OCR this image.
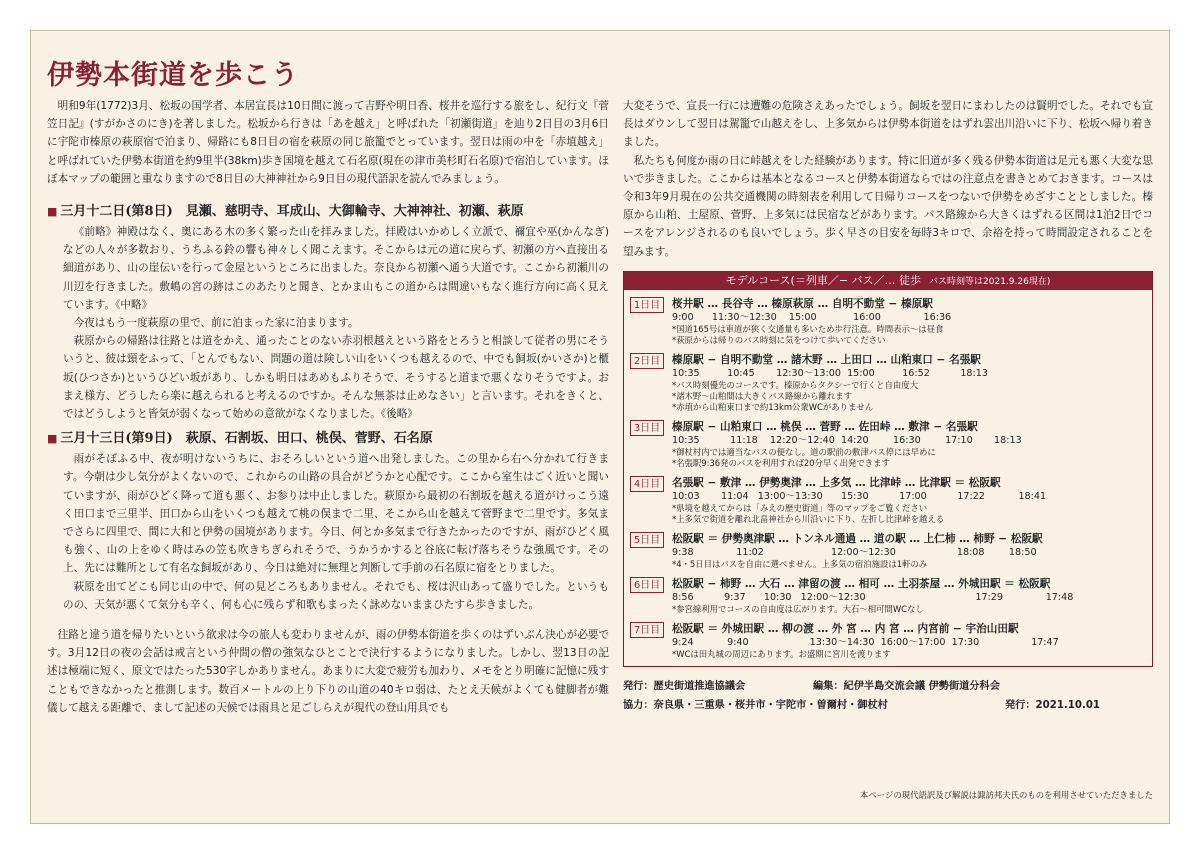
伊勢本街道を歩こう

明和9年(1772)3月、松坂の国学者、本居宣長は10日間に渡って吉野や明日香、桜井を巡行する旅をし、紀行文『菅笠日記』(すがかさのにき)を著しました。松坂から行きは「あを越え」と呼ばれた「初瀬街道」を辿り2日目の3月6日に宇陀市榛原の萩原宿で泊まり、帰路にも8日目の宿を萩原の同じ旅籠でとっています。翌日は雨の中を「赤埴越え」と呼ばれていた伊勢本街道を約9里半(38km)歩き国境を越えて石名原(現在の津市美杉町石名原)で宿泊しています。ほぼ本マップの範囲と重なりますので8日目の大神神社から9日目の現代語訳を読んでみましょう。

■ 三月十二日(第8日)　見瀬、慈明寺、耳成山、大御輪寺、大神神社、初瀬、萩原

《前略》神殿はなく、奥にある木の多く繁った山を拝みました。拝殿はいかめしく立派で、禰宜や巫(かんなぎ)などの人々が多数おり、うちふる鈴の響も神々しく聞こえます。そこからは元の道に戻らず、初瀬の方へ直接出る細道があり、山の崖伝いを行って金屋というところに出ました。奈良から初瀬へ通う大道です。ここから初瀬川の川辺を行きました。敷嶋の宮の跡はこのあたりと聞き、とかま山もこの道からは間違いもなく進行方向に高く見えています。《中略》

今夜はもう一度萩原の里で、前に泊まった家に泊まります。

萩原からの帰路は往路とは道をかえ、通ったことのない赤羽根越えという路をとろうと相談して従者の男にそういうと、彼は頸をふって、「とんでもない、問題の道は険しい山をいくつも越えるので、中でも飼坂(かいさか)と櫃坂(ひつさか)というひどい坂があり、しかも明日はあめもふりそうで、そうすると道まで悪くなりそうですよ。おまえ様方、どうしたら楽に越えられると考えるのですか。そんな無茶は止めなさい」と言います。それをきくと、ではどうしようと皆気が弱くなって始めの意欲がなくなりました。《後略》

■ 三月十三日(第9日)　萩原、石割坂、田口、桃俣、菅野、石名原

雨がそぼふる中、夜が明けないうちに、おそろしいという道へ出発しました。この里から右へ分かれて行きます。今朝は少し気分がよくないので、これからの山路の具合がどうかと心配です。ここから室生はごく近いと聞いていますが、雨がひどく降って道も悪く、お参りは中止しました。萩原から最初の石割坂を越える道がけっこう遠く田口まで三里半、田口から山をいくつも越えて桃の俣まで二里、そこから山を越えて菅野まで二里です。多気までさらに四里で、間に大和と伊勢の国境があります。今日、何とか多気まで行きたかったのですが、雨がひどく風も強く、山の上をゆく時はみの笠も吹きちぎられそうで、うかうかすると谷底に転げ落ちそうな強風です。その上、先には難所として有名な飼坂があり、今日は絶対に無理と判断して手前の石名原に宿をとりました。

萩原を出てどこも同じ山の中で、何の見どころもありません。それでも、桜は沢山あって盛りでした。というものの、天気が悪くて気分も辛く、何も心に残らず和歌もまったく詠めないままひたすら歩きました。

往路と違う道を帰りたいという欲求は今の旅人も変わりませんが、雨の伊勢本街道を歩くのはずいぶん決心が必要です。3月12日の夜の会話は戒言という仲間の僧の強気なひとことで決行するようになりました。しかし、翌13日の記述は極端に短く、原文ではたった530字しかありません。あまりに大変で疲労も加わり、メモをとり明確に記憶に残すこともできなかったと推測します。数百メートルの上り下りの山道の40キロ弱は、たとえ天候がよくても健脚者が難儀して越える距離で、まして記述の天候では雨具と足ごしらえが現代の登山用具でも

大変そうで、宣長一行には遭難の危険さえあったでしょう。飼坂を翌日にまわしたのは賢明でした。それでも宣長はダウンして翌日は駕籠で山越えをし、上多気からは伊勢本街道をはずれ雲出川沿いに下り、松坂へ帰り着きました。

私たちも何度か雨の日に峠越えをした経験があります。特に旧道が多く残る伊勢本街道は足元も悪く大変な思いで歩きました。ここからは基本となるコースと伊勢本街道ならではの注意点を書きとめておきます。コースは令和3年9月現在の公共交通機関の時刻表を利用して日帰りコースをつないで伊勢をめざすこととしました。榛原から山粕、土屋原、菅野、上多気には民宿などがあります。バス路線から大きくはずれる区間は1泊2日でコースをアレンジされるのも良いでしょう。歩く早さの目安を毎時3キロで、余裕を持って時間設定されることを望みます。

モデルコース(＝列車／− バス／… 徒歩 バス時刻等は2021.9.26現在)
1日目	桜井駅 … 長谷寺 … 榛原萩原 … 自明不動堂 − 榛原駅
9:00      11:30〜12:30    15:00            16:00              16:36
*国道165号は車道が狭く交通量も多いため歩行注意。時間表示〜は昼食
*萩原からは帰りのバス時刻に気をつけて歩いてください
2日目	榛原駅 − 自明不動堂 … 諸木野 … 上田口 … 山粕東口 − 名張駅
10:35         10:45       12:30〜13:00  15:00         16:52          18:13
*バス時刻優先のコースです。榛原からタクシーで行くと自由度大
*諸木野〜山粕間は大きくバス路線から離れます
*赤埴から山粕東口まで約13km公衆WCがありません
3日目	榛原駅 − 山粕東口 … 桃俣 … 菅野 … 佐田峠 … 敷津 − 名張駅
10:35          11:18    12:20〜12:40  14:20        16:30        17:10       18:13
*御杖村内では適当なバスの便なし。道の駅前の敷津バス停には早めに
*名張駅9:36発のバスを利用すれば20分早く出発できます
4日目	名張駅 − 敷津 … 伊勢奥津 … 上多気 … 比津峠 … 比津駅 ＝ 松阪駅
10:03       11:04   13:00〜13:30      15:30          17:00          17:22           18:41
*県境を越えてからは「みえの歴史街道」等のマップをご覧ください
*上多気で街道を離れ北畠神社から川沿いに下り、左折し比津峠を越える
5日目	松阪駅 ＝ 伊勢奥津駅 … トンネル通過 … 道の駅 … 上仁柿 … 柿野 − 松阪駅
9:38              11:02                      12:00〜12:30                    18:08        18:50
*4・5日目はバスを自由に選べません。上多気の宿泊施設は1軒のみ
6日目	松阪駅 − 柿野 … 大石 … 津留の渡 … 相可 … 土羽茶屋 … 外城田駅 ＝ 松阪駅
8:56          9:37      10:30   12:00〜12:30                                    17:29              17:48
*参宮線利用でコースの自由度は広がります。大石〜相可間WCなし
7日目	松阪駅 ＝ 外城田駅 … 柳の渡 … 外 宮 … 内 宮 … 内宮前 − 宇治山田駅
9:24           9:40                    13:30〜14:30  16:00〜17:00  17:30                 17:47
*WCは田丸城の周辺にあります。お盛期に宮川を渡ります
発行：歴史街道推進協議会	編集：紀伊半島交流会議 伊勢街道分科会
協力：奈良県・三重県・桜井市・宇陀市・曽爾村・御杖村	発行：2021.10.01
本ページの現代語訳及び解説は諏訪邦夫氏のものを利用させていただきました
